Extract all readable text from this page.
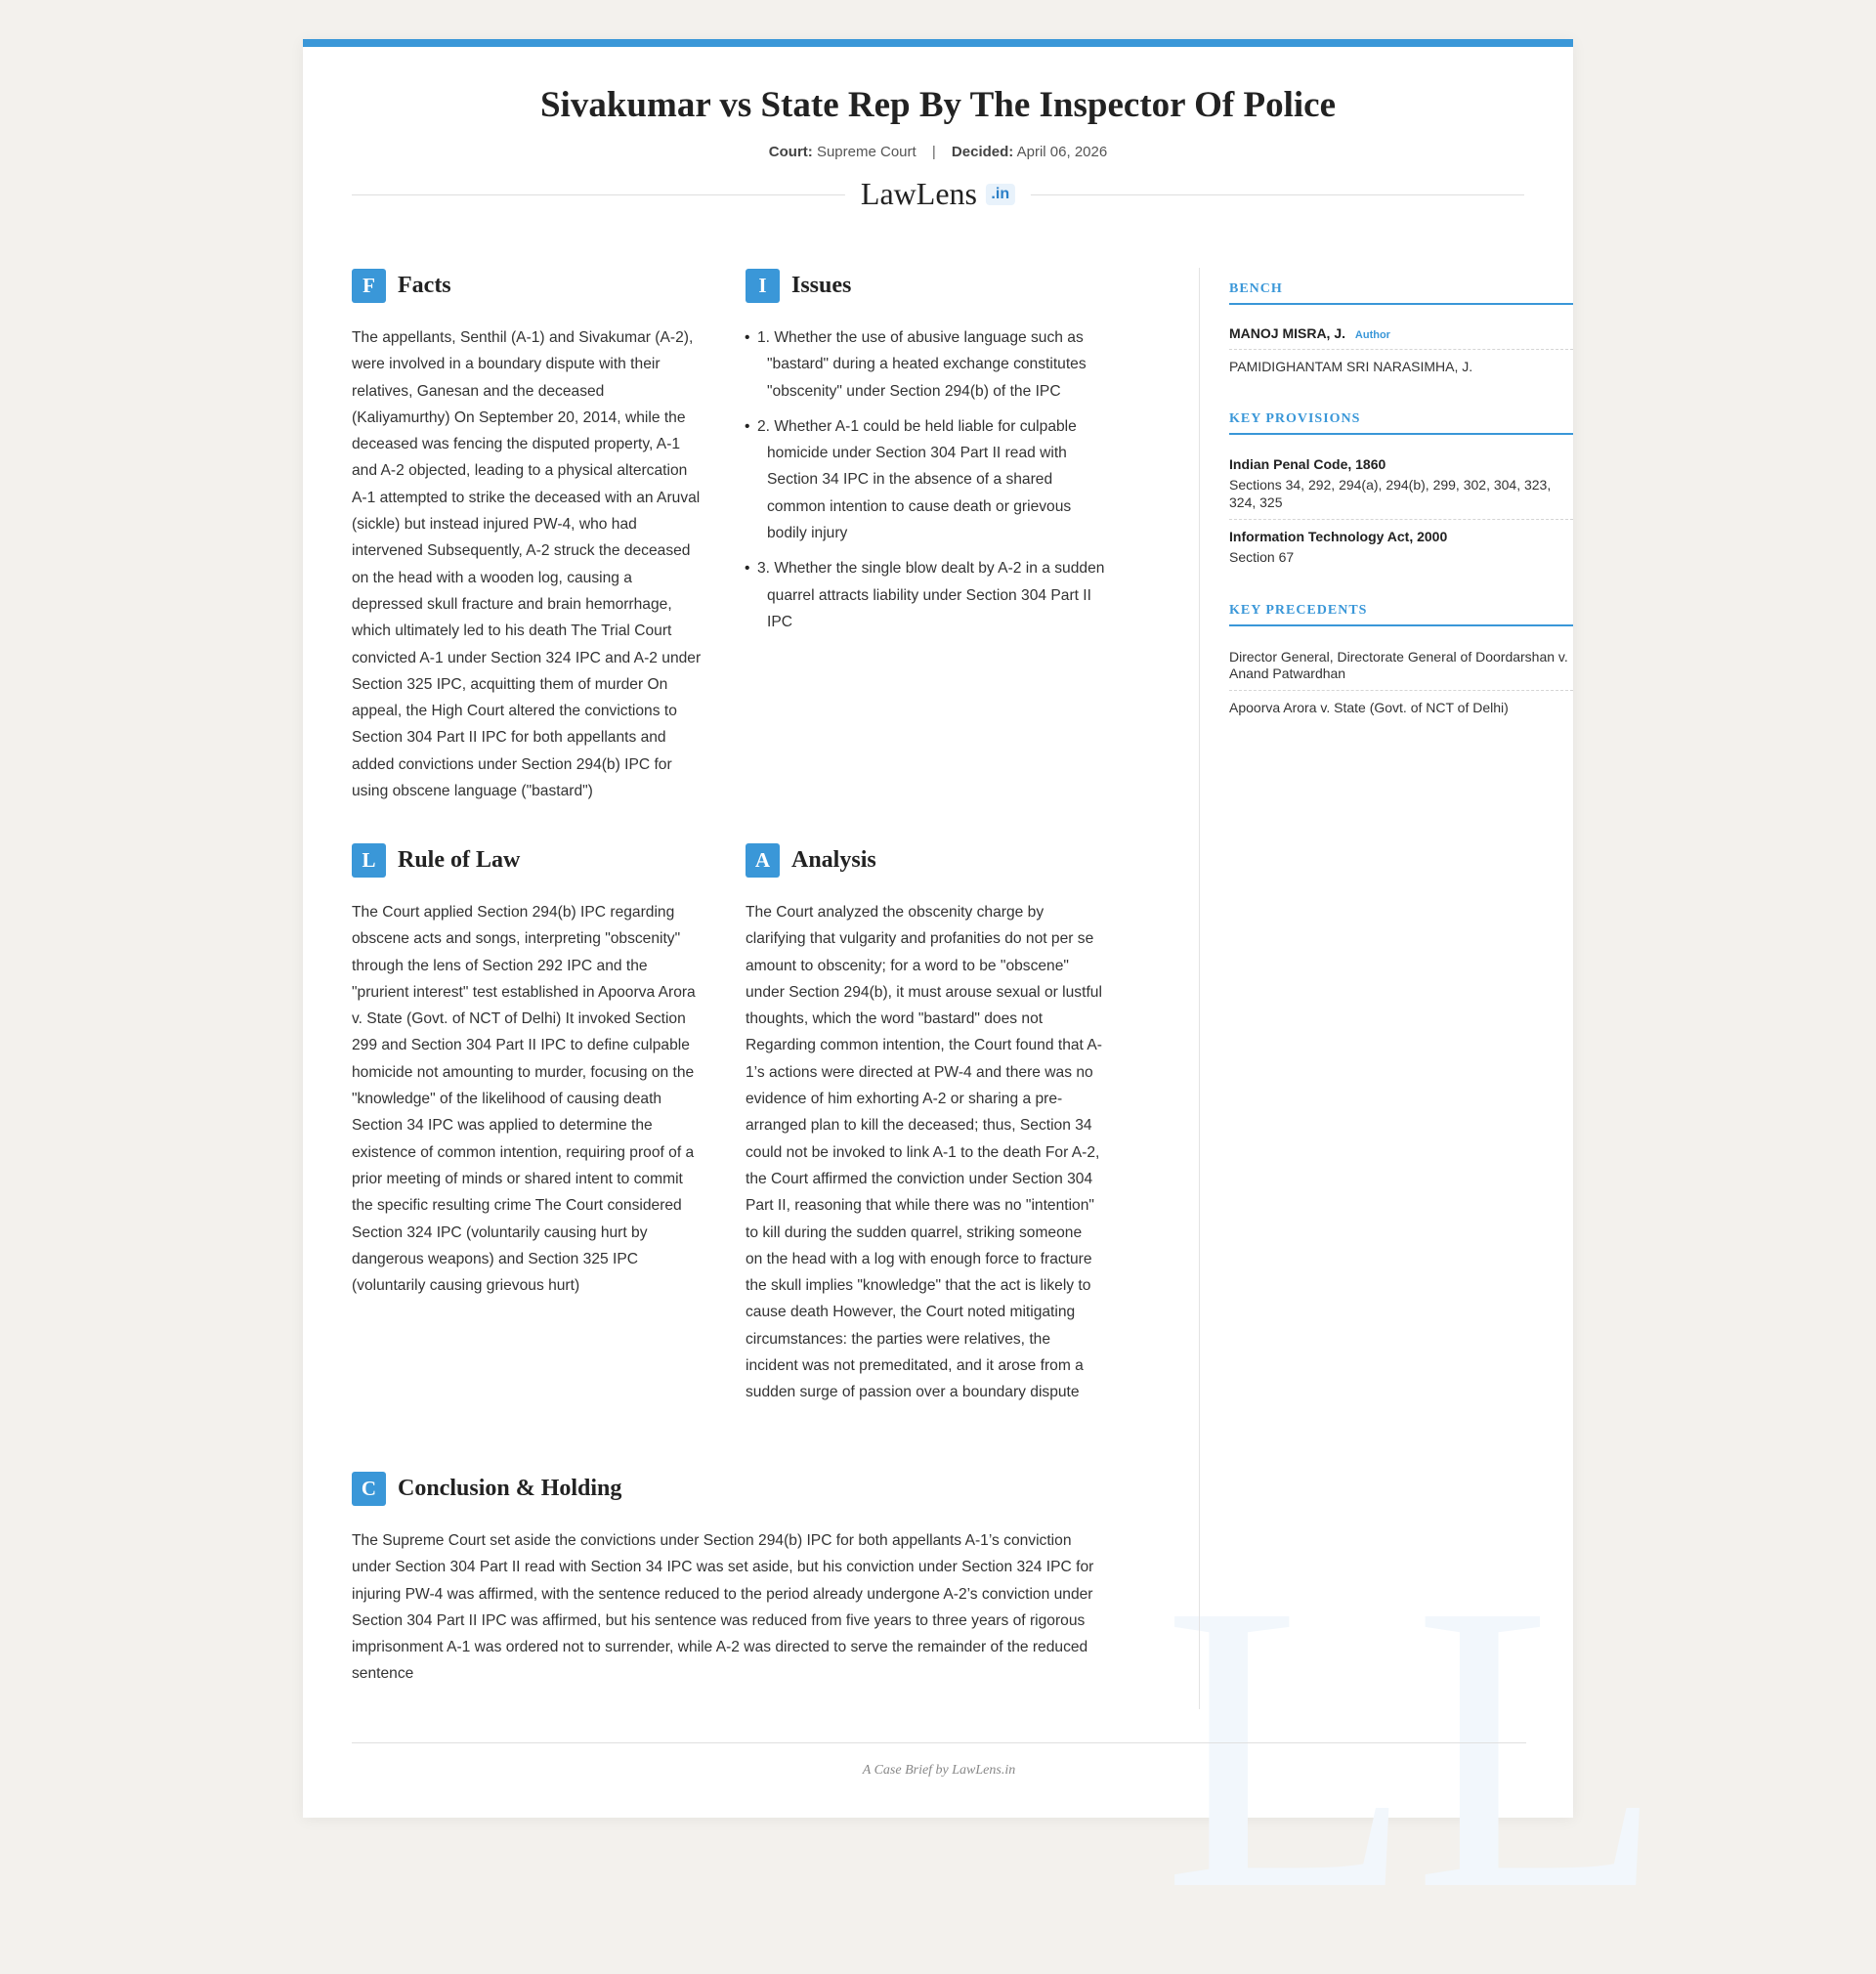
Sivakumar vs State Rep By The Inspector Of Police
Court: Supreme Court | Decided: April 06, 2026
LawLens .in
LL
F Facts
The appellants, Senthil (A-1) and Sivakumar (A-2), were involved in a boundary dispute with their relatives, Ganesan and the deceased (Kaliyamurthy) On September 20, 2014, while the deceased was fencing the disputed property, A-1 and A-2 objected, leading to a physical altercation A-1 attempted to strike the deceased with an Aruval (sickle) but instead injured PW-4, who had intervened Subsequently, A-2 struck the deceased on the head with a wooden log, causing a depressed skull fracture and brain hemorrhage, which ultimately led to his death The Trial Court convicted A-1 under Section 324 IPC and A-2 under Section 325 IPC, acquitting them of murder On appeal, the High Court altered the convictions to Section 304 Part II IPC for both appellants and added convictions under Section 294(b) IPC for using obscene language ("bastard")
I	Issues
• 1. Whether the use of abusive language such as "bastard" during a heated exchange constitutes "obscenity" under Section 294(b) of the IPC
• 2. Whether A-1 could be held liable for culpable homicide under Section 304 Part II read with Section 34 IPC in the absence of a shared common intention to cause death or grievous bodily injury
• 3. Whether the single blow dealt by A-2 in a sudden quarrel attracts liability under Section 304 Part II IPC
L Rule of Law
The Court applied Section 294(b) IPC regarding obscene acts and songs, interpreting "obscenity" through the lens of Section 292 IPC and the "prurient interest" test established in Apoorva Arora v. State (Govt. of NCT of Delhi) It invoked Section 299 and Section 304 Part II IPC to define culpable homicide not amounting to murder, focusing on the "knowledge" of the likelihood of causing death Section 34 IPC was applied to determine the existence of common intention, requiring proof of a prior meeting of minds or shared intent to commit the specific resulting crime The Court considered Section 324 IPC (voluntarily causing hurt by dangerous weapons) and Section 325 IPC (voluntarily causing grievous hurt)
A Analysis
The Court analyzed the obscenity charge by clarifying that vulgarity and profanities do not per se amount to obscenity; for a word to be "obscene" under Section 294(b), it must arouse sexual or lustful thoughts, which the word "bastard" does not Regarding common intention, the Court found that A-1’s actions were directed at PW-4 and there was no evidence of him exhorting A-2 or sharing a pre-arranged plan to kill the deceased; thus, Section 34 could not be invoked to link A-1 to the death For A-2, the Court affirmed the conviction under Section 304 Part II, reasoning that while there was no "intention" to kill during the sudden quarrel, striking someone on the head with a log with enough force to fracture the skull implies "knowledge" that the act is likely to cause death However, the Court noted mitigating circumstances: the parties were relatives, the incident was not premeditated, and it arose from a sudden surge of passion over a boundary dispute
C Conclusion & Holding
The Supreme Court set aside the convictions under Section 294(b) IPC for both appellants A-1’s conviction under Section 304 Part II read with Section 34 IPC was set aside, but his conviction under Section 324 IPC for injuring PW-4 was affirmed, with the sentence reduced to the period already undergone A-2’s conviction under Section 304 Part II IPC was affirmed, but his sentence was reduced from five years to three years of rigorous imprisonment A-1 was ordered not to surrender, while A-2 was directed to serve the remainder of the reduced sentence
BENCH
MANOJ MISRA, J. Author
PAMIDIGHANTAM SRI NARASIMHA, J.
KEY PROVISIONS
Indian Penal Code, 1860
Sections 34, 292, 294(a), 294(b), 299, 302, 304, 323, 324, 325
Information Technology Act, 2000
Section 67
KEY PRECEDENTS
Director General, Directorate General of Doordarshan v. Anand Patwardhan
Apoorva Arora v. State (Govt. of NCT of Delhi)
A Case Brief by LawLens.in
